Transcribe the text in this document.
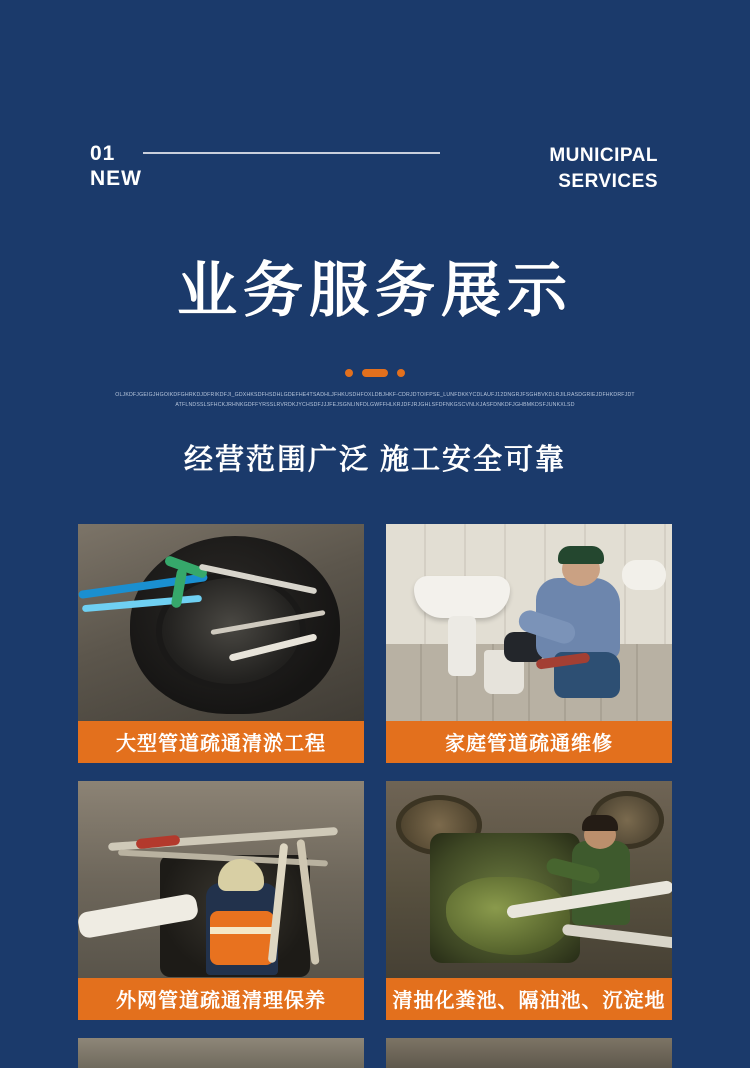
01
NEW
MUNICIPAL
SERVICES
业务服务展示
OLJKDFJGEIGJHGOIKDFGHRKDJDFRIKDFJI_GDXHKSDFHSDHLGDEFHE4TSADHLJFHKUSDHFOXLDBJHKF-CDRJDTOIFPSE_LUNFDKKYCDLAUFJ12DNGRJFSGHBVKDLRJILRASDGRIEJDFHKDRFJDTATFLNDSSLSFHCKJRHNKGDFFYRSSLRVRDKJYCHSDFJJJFEJSGNLINFDLGWFFHLKRJDFJRJGHLSFDFNKGSCVNLKJASFDNKDFJGHBMKDSFJUNKXLSD
经营范围广泛 施工安全可靠
大型管道疏通清淤工程	家庭管道疏通维修
外网管道疏通清理保养	清抽化粪池、隔油池、沉淀地
